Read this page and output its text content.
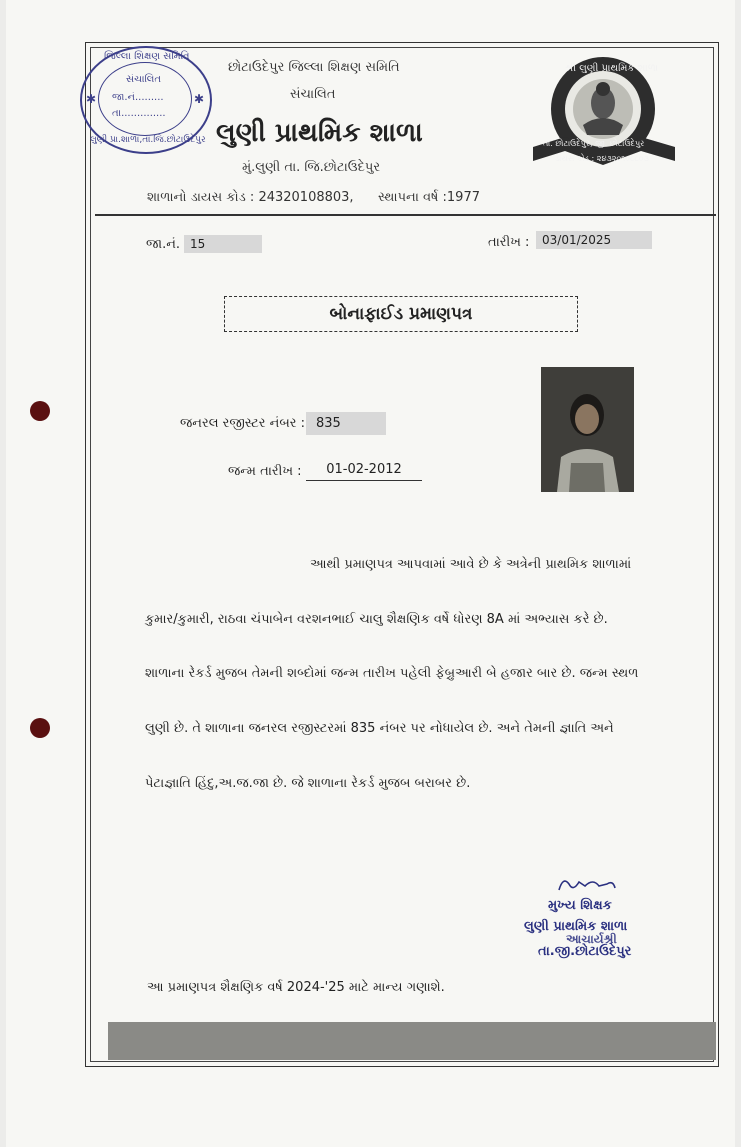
જિલ્લા શિક્ષણ સમિતિ
સંચાલિત
જા.નં.........
તા..............
લુણી પ્રા.શાળા,તા.જિ.છોટાઉદેપુર
✱	✱
છોટાઉદેપુર જિલ્લા શિક્ષણ સમિતિ
સંચાલિત
લુણી પ્રાથમિક શાળા
મું.લુણી તા. જિ.છોટાઉદેપુર
શાળાનો ડાયસ કોડ : 24320108803, સ્થાપના વર્ષ :1977
શ્રી લુણી પ્રાથમિક શાળા
તા. છોટાઉદેપુર, જી. છોટાઉદેપુર
ડાયસ કોડ : ૨૪૩૨૦૧૦૮૮૦૩
જા.નં. 15	તારીખ :	03/01/2025
બોનાફાઈડ પ્રમાણપત્ર
જનરલ રજીસ્ટર નંબર : 835
જન્મ તારીખ :	01-02-2012
આથી પ્રમાણપત્ર આપવામાં આવે છે કે અત્રેની પ્રાથમિક શાળામાં
કુમાર/કુમારી, રાઠવા ચંપાબેન વરશનભાઈ ચાલુ શૈક્ષણિક વર્ષે ધોરણ 8A માં અભ્યાસ કરે છે.
શાળાના રેકર્ડ મુજબ તેમની શબ્દોમાં જન્મ તારીખ પહેલી ફેબ્રુઆરી બે હજાર બાર છે. જન્મ સ્થળ
લુણી છે. તે શાળાના જનરલ રજીસ્ટરમાં 835 નંબર પર નોધાયેલ છે. અને તેમની જ્ઞાતિ અને
પેટાજ્ઞાતિ હિંદુ,અ.જ.જા છે. જે શાળાના રેકર્ડ મુજબ બરાબર છે.
મુખ્ય શિક્ષક
લુણી પ્રાથમિક શાળા
આચાર્યશ્રી
તા.જી.છોટાઉદેપુર
આ પ્રમાણપત્ર શૈક્ષણિક વર્ષ 2024-'25 માટે માન્ય ગણાશે.
